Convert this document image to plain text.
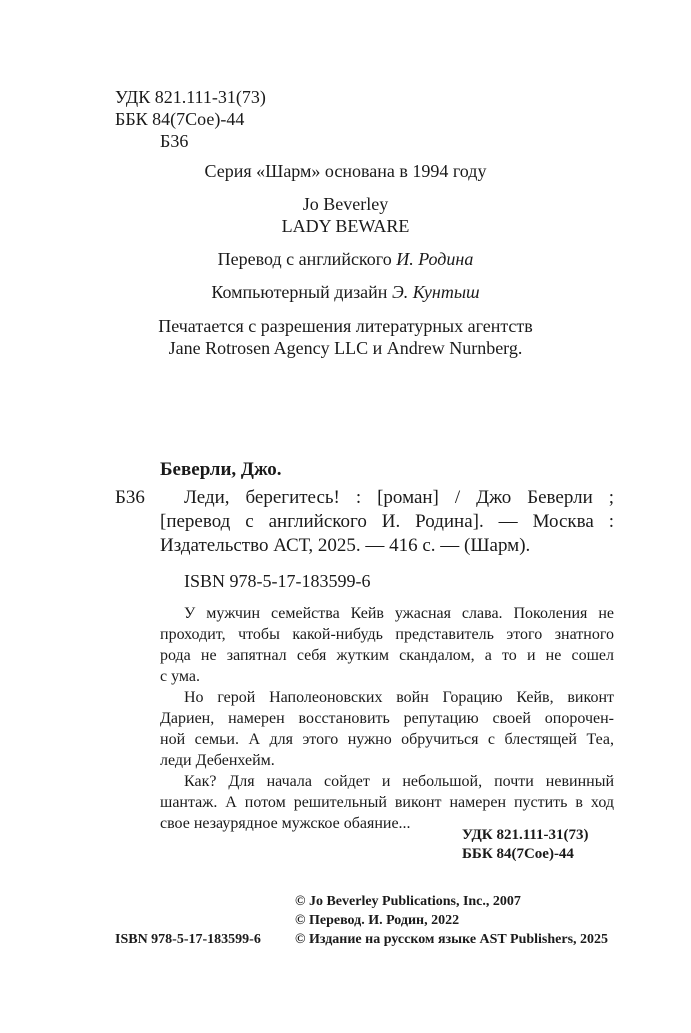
УДК 821.111-31(73)
ББК 84(7Сое)-44
Б36
Серия «Шарм» основана в 1994 году
Jo Beverley
LADY BEWARE
Перевод с английского И. Родина
Компьютерный дизайн Э. Кунтыш
Печатается с разрешения литературных агентств
Jane Rotrosen Agency LLC и Andrew Nurnberg.
Беверли, Джо.
Б36	Леди, берегитесь! : [роман] / Джо Беверли ;
[перевод с английского И. Родина]. — Москва :
Издательство АСТ, 2025. — 416 с. — (Шарм).
ISBN 978-5-17-183599-6
У мужчин семейства Кейв ужасная слава. Поколения не
проходит, чтобы какой-нибудь представитель этого знатного
рода не запятнал себя жутким скандалом, а то и не сошел
с ума.
Но герой Наполеоновских войн Горацию Кейв, виконт
Дариен, намерен восстановить репутацию своей опорочен-
ной семьи. А для этого нужно обручиться с блестящей Теа,
леди Дебенхейм.
Как? Для начала сойдет и небольшой, почти невинный
шантаж. А потом решительный виконт намерен пустить в ход
свое незаурядное мужское обаяние...
УДК 821.111-31(73)
ББК 84(7Сое)-44
© Jo Beverley Publications, Inc., 2007
© Перевод. И. Родин, 2022
© Издание на русском языке AST Publishers, 2025
ISBN 978-5-17-183599-6
